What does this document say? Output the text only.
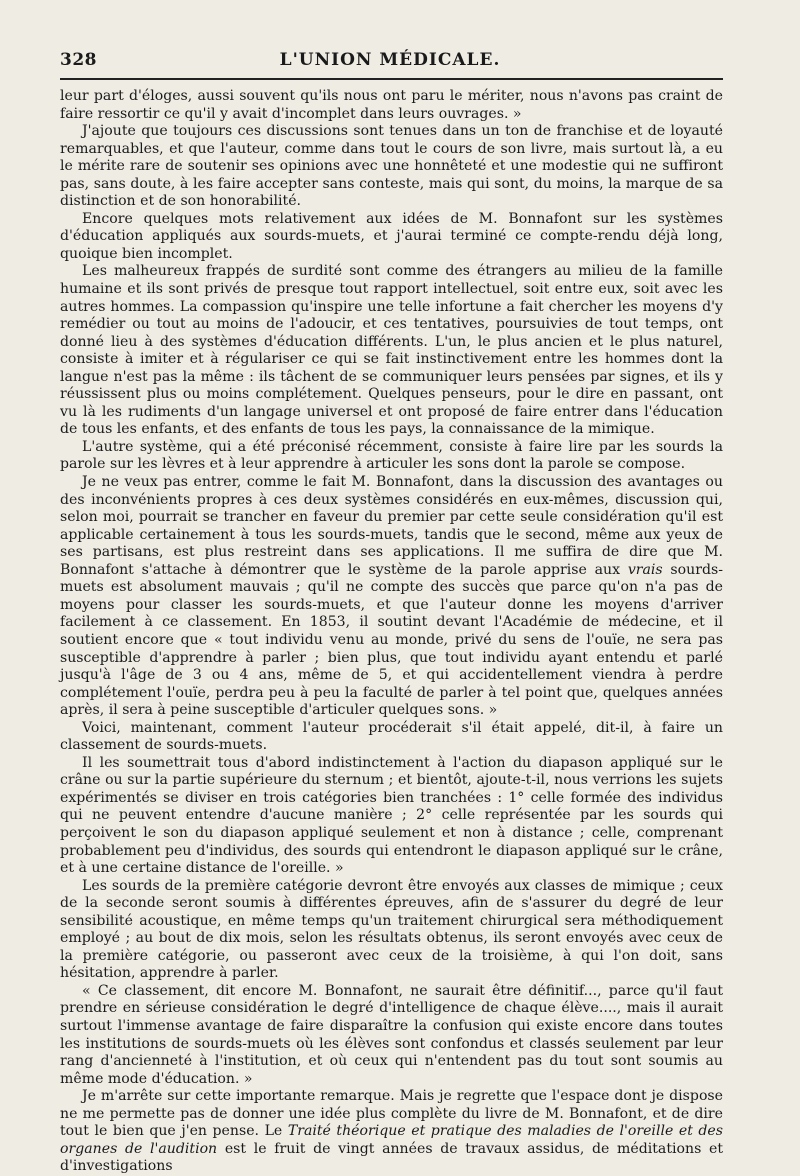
328	L'UNION MÉDICALE.

leur part d'éloges, aussi souvent qu'ils nous ont paru le mériter, nous n'avons pas craint de faire ressortir ce qu'il y avait d'incomplet dans leurs ouvrages. »

J'ajoute que toujours ces discussions sont tenues dans un ton de franchise et de loyauté remarquables, et que l'auteur, comme dans tout le cours de son livre, mais surtout là, a eu le mérite rare de soutenir ses opinions avec une honnêteté et une modestie qui ne suffiront pas, sans doute, à les faire accepter sans conteste, mais qui sont, du moins, la marque de sa distinction et de son honorabilité.

Encore quelques mots relativement aux idées de M. Bonnafont sur les systèmes d'éducation appliqués aux sourds-muets, et j'aurai terminé ce compte-rendu déjà long, quoique bien incomplet.

Les malheureux frappés de surdité sont comme des étrangers au milieu de la famille humaine et ils sont privés de presque tout rapport intellectuel, soit entre eux, soit avec les autres hommes. La compassion qu'inspire une telle infortune a fait chercher les moyens d'y remédier ou tout au moins de l'adoucir, et ces tentatives, poursuivies de tout temps, ont donné lieu à des systèmes d'éducation différents. L'un, le plus ancien et le plus naturel, consiste à imiter et à régulariser ce qui se fait instinctivement entre les hommes dont la langue n'est pas la même : ils tâchent de se communiquer leurs pensées par signes, et ils y réussissent plus ou moins complétement. Quelques penseurs, pour le dire en passant, ont vu là les rudiments d'un langage universel et ont proposé de faire entrer dans l'éducation de tous les enfants, et des enfants de tous les pays, la connaissance de la mimique.

L'autre système, qui a été préconisé récemment, consiste à faire lire par les sourds la parole sur les lèvres et à leur apprendre à articuler les sons dont la parole se compose.

Je ne veux pas entrer, comme le fait M. Bonnafont, dans la discussion des avantages ou des inconvénients propres à ces deux systèmes considérés en eux-mêmes, discussion qui, selon moi, pourrait se trancher en faveur du premier par cette seule considération qu'il est applicable certainement à tous les sourds-muets, tandis que le second, même aux yeux de ses partisans, est plus restreint dans ses applications. Il me suffira de dire que M. Bonnafont s'attache à démontrer que le système de la parole apprise aux vrais sourds-muets est absolument mauvais ; qu'il ne compte des succès que parce qu'on n'a pas de moyens pour classer les sourds-muets, et que l'auteur donne les moyens d'arriver facilement à ce classement. En 1853, il soutint devant l'Académie de médecine, et il soutient encore que « tout individu venu au monde, privé du sens de l'ouïe, ne sera pas susceptible d'apprendre à parler ; bien plus, que tout individu ayant entendu et parlé jusqu'à l'âge de 3 ou 4 ans, même de 5, et qui accidentellement viendra à perdre complétement l'ouïe, perdra peu à peu la faculté de parler à tel point que, quelques années après, il sera à peine susceptible d'articuler quelques sons. »

Voici, maintenant, comment l'auteur procéderait s'il était appelé, dit-il, à faire un classement de sourds-muets.

Il les soumettrait tous d'abord indistinctement à l'action du diapason appliqué sur le crâne ou sur la partie supérieure du sternum ; et bientôt, ajoute-t-il, nous verrions les sujets expérimentés se diviser en trois catégories bien tranchées : 1° celle formée des individus qui ne peuvent entendre d'aucune manière ; 2° celle représentée par les sourds qui perçoivent le son du diapason appliqué seulement et non à distance ; celle, comprenant probablement peu d'individus, des sourds qui entendront le diapason appliqué sur le crâne, et à une certaine distance de l'oreille. »

Les sourds de la première catégorie devront être envoyés aux classes de mimique ; ceux de la seconde seront soumis à différentes épreuves, afin de s'assurer du degré de leur sensibilité acoustique, en même temps qu'un traitement chirurgical sera méthodiquement employé ; au bout de dix mois, selon les résultats obtenus, ils seront envoyés avec ceux de la première catégorie, ou passeront avec ceux de la troisième, à qui l'on doit, sans hésitation, apprendre à parler.

« Ce classement, dit encore M. Bonnafont, ne saurait être définitif..., parce qu'il faut prendre en sérieuse considération le degré d'intelligence de chaque élève...., mais il aurait surtout l'immense avantage de faire disparaître la confusion qui existe encore dans toutes les institutions de sourds-muets où les élèves sont confondus et classés seulement par leur rang d'ancienneté à l'institution, et où ceux qui n'entendent pas du tout sont soumis au même mode d'éducation. »

Je m'arrête sur cette importante remarque. Mais je regrette que l'espace dont je dispose ne me permette pas de donner une idée plus complète du livre de M. Bonnafont, et de dire tout le bien que j'en pense. Le Traité théorique et pratique des maladies de l'oreille et des organes de l'audition est le fruit de vingt années de travaux assidus, de méditations et d'investigations
